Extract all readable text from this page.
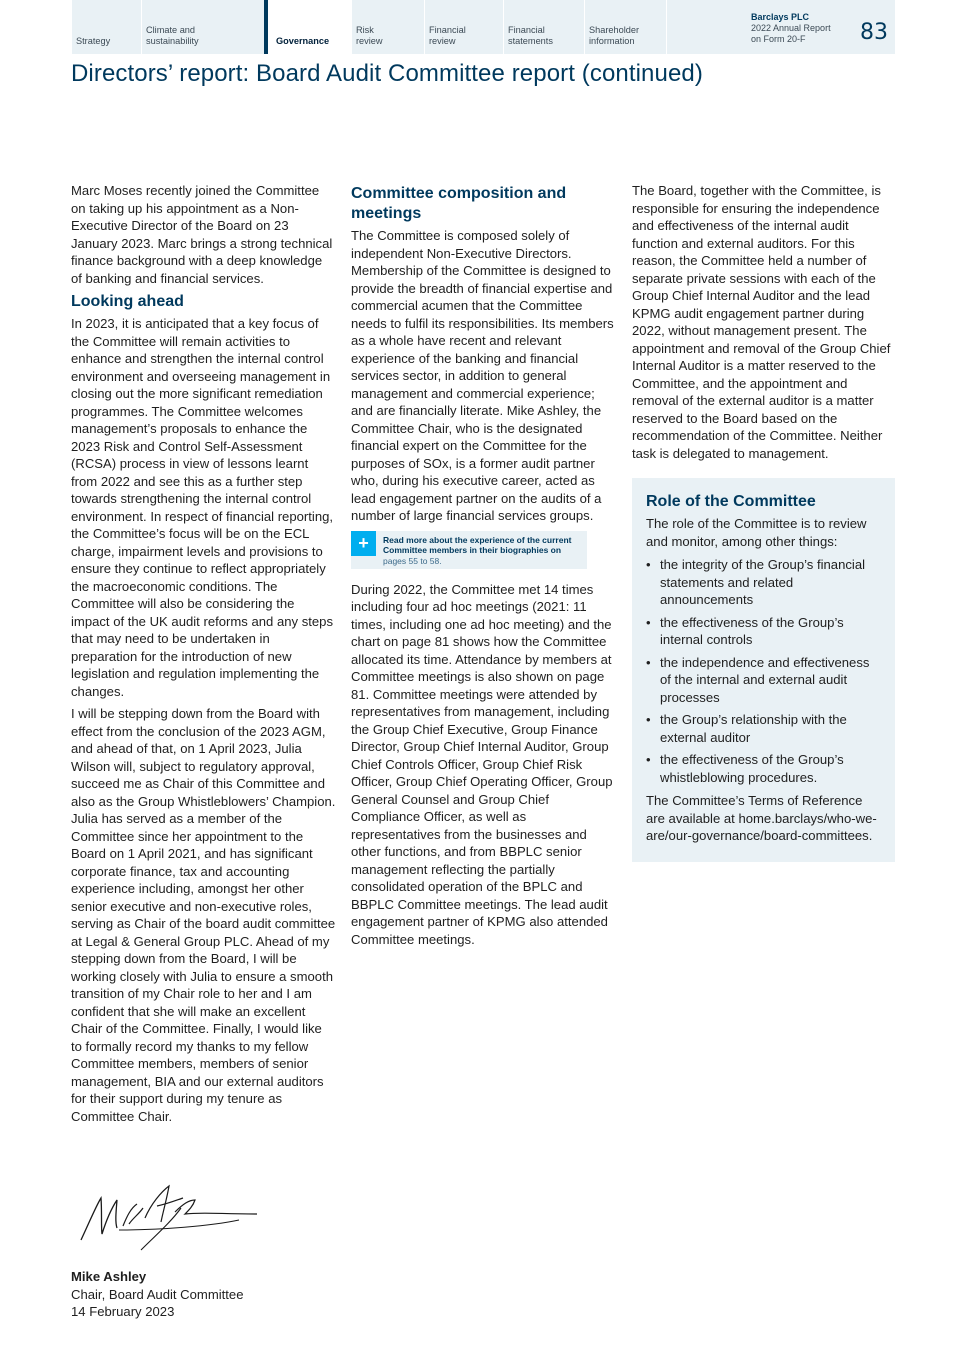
Strategy
Climate and
sustainability	Governance
Risk
review
Financial
review
Financial
statements
Shareholder
information
Barclays PLC
2022 Annual Report
on Form 20-F	83
Directors’ report: Board Audit Committee report (continued)

Marc Moses recently joined the Committee on taking up his appointment as a Non-Executive Director of the Board on 23 January 2023. Marc brings a strong technical finance background with a deep knowledge of banking and financial services.

Looking ahead

In 2023, it is anticipated that a key focus of the Committee will remain activities to enhance and strengthen the internal control environment and overseeing management in closing out the more significant remediation programmes. The Committee welcomes management’s proposals to enhance the 2023 Risk and Control Self-Assessment (RCSA) process in view of lessons learnt from 2022 and see this as a further step towards strengthening the internal control environment. In respect of financial reporting, the Committee’s focus will be on the ECL charge, impairment levels and provisions to ensure they continue to reflect appropriately the macroeconomic conditions. The Committee will also be considering the impact of the UK audit reforms and any steps that may need to be undertaken in preparation for the introduction of new legislation and regulation implementing the changes.

I will be stepping down from the Board with effect from the conclusion of the 2023 AGM, and ahead of that, on 1 April 2023, Julia Wilson will, subject to regulatory approval, succeed me as Chair of this Committee and also as the Group Whistleblowers’ Champion. Julia has served as a member of the Committee since her appointment to the Board on 1 April 2021, and has significant corporate finance, tax and accounting experience including, amongst her other senior executive and non-executive roles, serving as Chair of the board audit committee at Legal & General Group PLC. Ahead of my stepping down from the Board, I will be working closely with Julia to ensure a smooth transition of my Chair role to her and I am confident that she will make an excellent Chair of the Committee. Finally, I would like to formally record my thanks to my fellow Committee members, members of senior management, BIA and our external auditors for their support during my tenure as Committee Chair.

Mike Ashley
Chair, Board Audit Committee
14 February 2023
Committee composition and meetings

The Committee is composed solely of independent Non-Executive Directors. Membership of the Committee is designed to provide the breadth of financial expertise and commercial acumen that the Committee needs to fulfil its responsibilities. Its members as a whole have recent and relevant experience of the banking and financial services sector, in addition to general management and commercial experience; and are financially literate. Mike Ashley, the Committee Chair, who is the designated financial expert on the Committee for the purposes of SOx, is a former audit partner who, during his executive career, acted as lead engagement partner on the audits of a number of large financial services groups.

+	Read more about the experience of the current Committee members in their biographies on
pages 55 to 58.

During 2022, the Committee met 14 times including four ad hoc meetings (2021: 11 times, including one ad hoc meeting) and the chart on page 81 shows how the Committee allocated its time. Attendance by members at Committee meetings is also shown on page 81. Committee meetings were attended by representatives from management, including the Group Chief Executive, Group Finance Director, Group Chief Internal Auditor, Group Chief Controls Officer, Group Chief Risk Officer, Group Chief Operating Officer, Group General Counsel and Group Chief Compliance Officer, as well as representatives from the businesses and other functions, and from BBPLC senior management reflecting the partially consolidated operation of the BPLC and BBPLC Committee meetings. The lead audit engagement partner of KPMG also attended Committee meetings.

The Board, together with the Committee, is responsible for ensuring the independence and effectiveness of the internal audit function and external auditors. For this reason, the Committee held a number of separate private sessions with each of the Group Chief Internal Auditor and the lead KPMG audit engagement partner during 2022, without management present. The appointment and removal of the Group Chief Internal Auditor is a matter reserved to the Committee, and the appointment and removal of the external auditor is a matter reserved to the Board based on the recommendation of the Committee. Neither task is delegated to management.

Role of the Committee

The role of the Committee is to review and monitor, among other things:

• the integrity of the Group’s financial statements and related announcements
• the effectiveness of the Group’s internal controls
• the independence and effectiveness of the internal and external audit processes
• the Group’s relationship with the external auditor
• the effectiveness of the Group’s whistleblowing procedures.

The Committee’s Terms of Reference are available at home.barclays/who-we-are/our-governance/board-committees.
